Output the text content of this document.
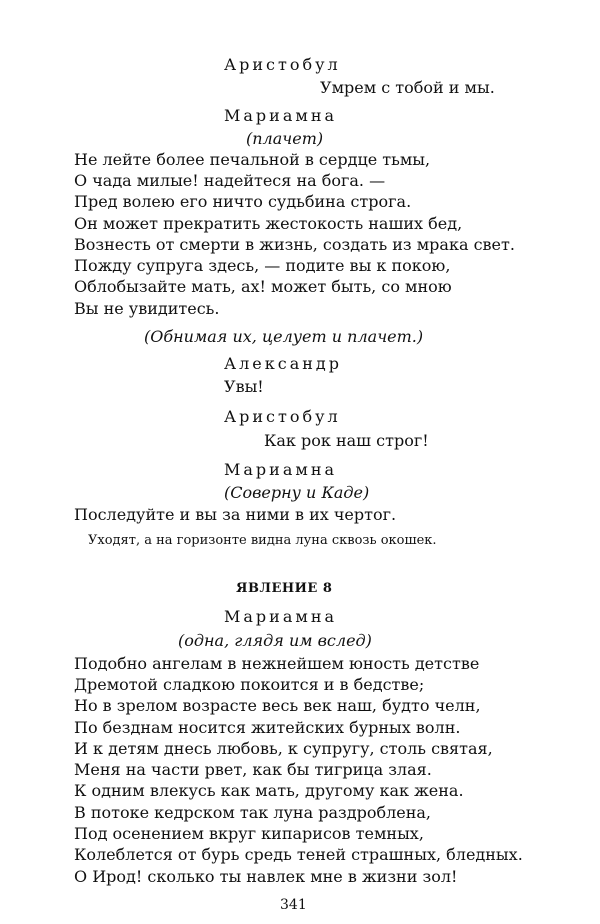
Аристобул
Умрем с тобой и мы.
Мариамна
(плачет)
Не лейте более печальной в сердце тьмы,
О чада милые! надейтеся на бога. —
Пред волею его ничто судьбина строга.
Он может прекратить жестокость наших бед,
Вознесть от смерти в жизнь, создать из мрака свет.
Пожду супруга здесь, — подите вы к покою,
Облобызайте мать, ах! может быть, со мною
Вы не увидитесь.
(Обнимая их, целует и плачет.)
Александр
Увы!
Аристобул
Как рок наш строг!
Мариамна
(Соверну и Каде)
Последуйте и вы за ними в их чертог.
Уходят, а на горизонте видна луна сквозь окошек.
ЯВЛЕНИЕ 8
Мариамна
(одна, глядя им вслед)
Подобно ангелам в нежнейшем юность детстве
Дремотой сладкою покоится и в бедстве;
Но в зрелом возрасте весь век наш, будто челн,
По безднам носится житейских бурных волн.
И к детям днесь любовь, к супругу, столь святая,
Меня на части рвет, как бы тигрица злая.
К одним влекусь как мать, другому как жена.
В потоке кедрском так луна раздроблена,
Под осенением вкруг кипарисов темных,
Колеблется от бурь средь теней страшных, бледных.
О Ирод! сколько ты навлек мне в жизни зол!
341
